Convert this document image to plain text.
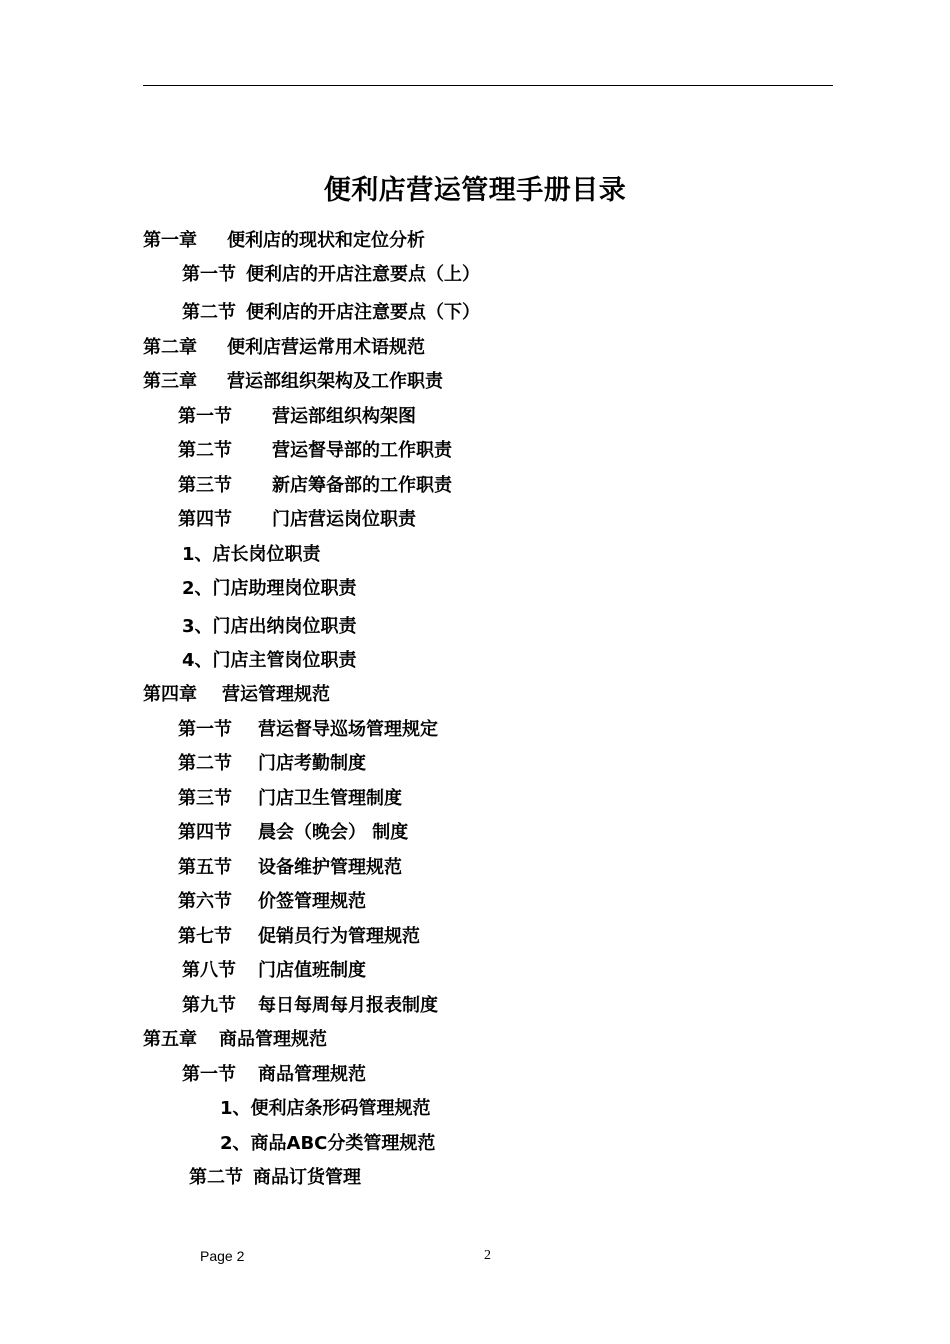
便利店营运管理手册目录
第一章 便利店的现状和定位分析
第一节 便利店的开店注意要点（上）
第二节 便利店的开店注意要点（下）
第二章 便利店营运常用术语规范
第三章 营运部组织架构及工作职责
第一节 营运部组织构架图
第二节 营运督导部的工作职责
第三节 新店筹备部的工作职责
第四节 门店营运岗位职责
1、店长岗位职责
2、门店助理岗位职责
3、门店出纳岗位职责
4、门店主管岗位职责
第四章 营运管理规范
第一节 营运督导巡场管理规定
第二节 门店考勤制度
第三节 门店卫生管理制度
第四节 晨会（晚会） 制度
第五节 设备维护管理规范
第六节 价签管理规范
第七节 促销员行为管理规范
第八节 门店值班制度
第九节 每日每周每月报表制度
第五章 商品管理规范
第一节 商品管理规范
1、便利店条形码管理规范
2、商品ABC分类管理规范
第二节 商品订货管理
Page 2	2
